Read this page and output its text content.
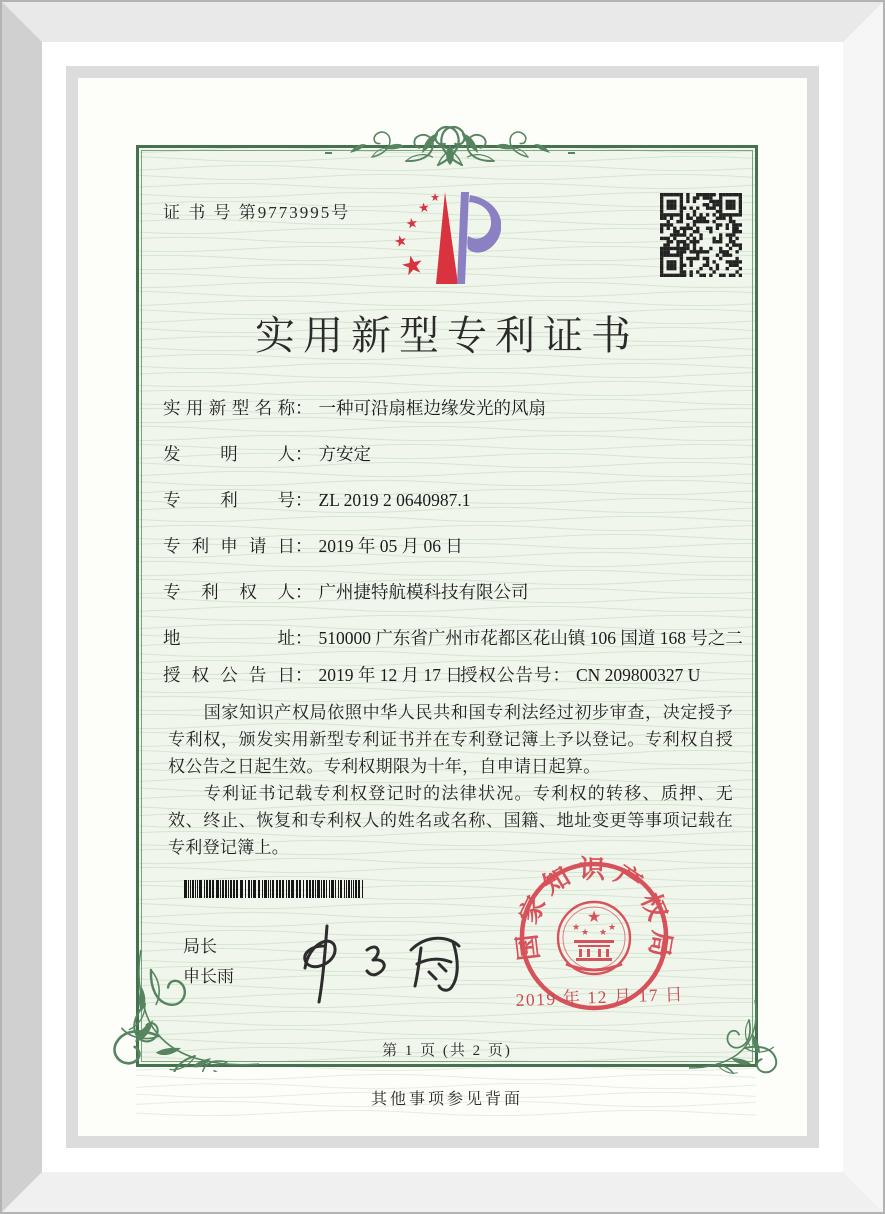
证 书 号 第9773995号
★
★
★
★
★
实用新型专利证书
实用新型名称： 一种可沿扇框边缘发光的风扇
发明人： 方安定
专利号： ZL 2019 2 0640987.1
专利申请日： 2019 年 05 月 06 日
专利权人： 广州捷特航模科技有限公司
地址： 510000 广东省广州市花都区花山镇 106 国道 168 号之二
授权公告日： 2019 年 12 月 17 日
授权公告号： CN 209800327 U

国家知识产权局依照中华人民共和国专利法经过初步审查，决定授予专利权，颁发实用新型专利证书并在专利登记簿上予以登记。专利权自授权公告之日起生效。专利权期限为十年，自申请日起算。

专利证书记载专利权登记时的法律状况。专利权的转移、质押、无效、终止、恢复和专利权人的姓名或名称、国籍、地址变更等事项记载在专利登记簿上。

局长
申长雨
国家知识产权局
★
★	★
★ ★
2019 年 12 月 17 日
第 1 页 (共 2 页)
其他事项参见背面
